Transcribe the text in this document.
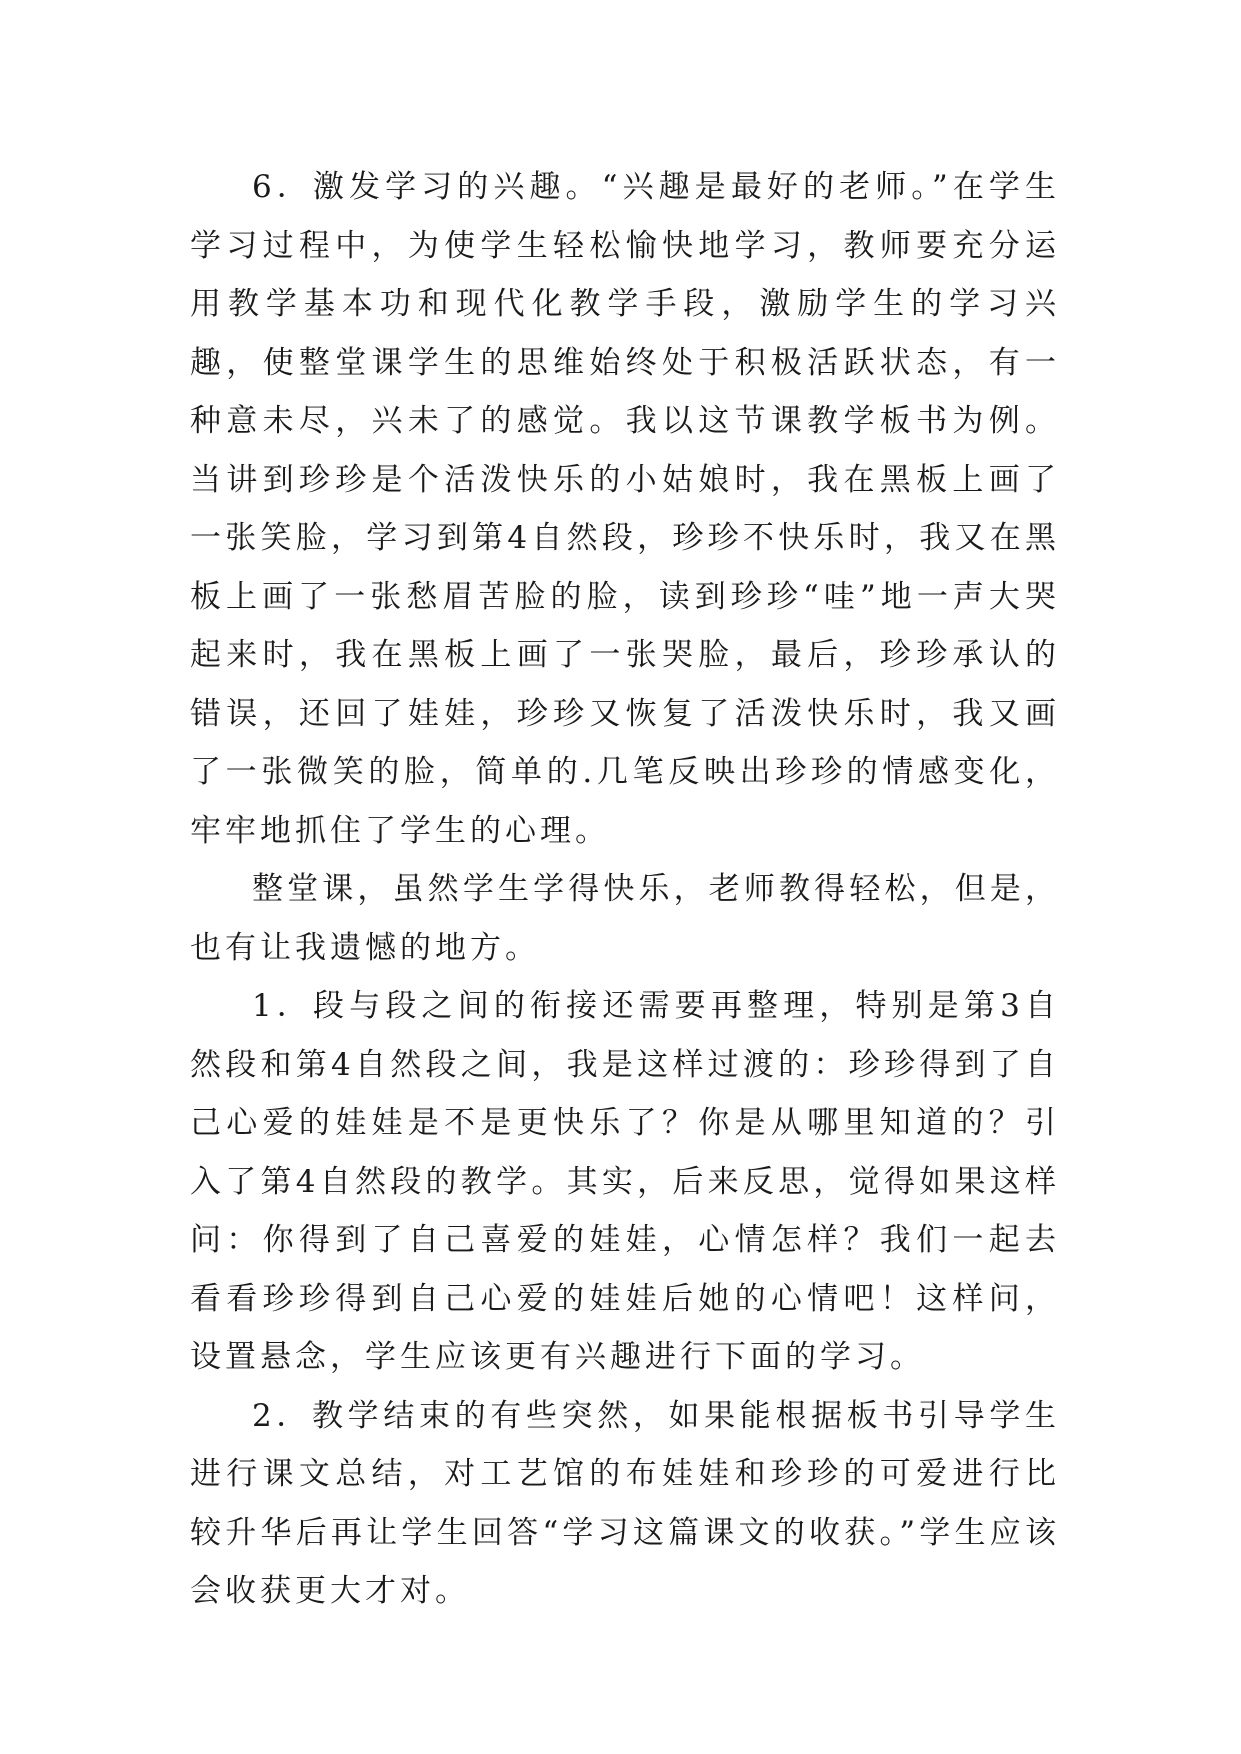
6．激发学习的兴趣。“兴趣是最好的老师。”在学生学习过程中，为使学生轻松愉快地学习，教师要充分运用教学基本功和现代化教学手段，激励学生的学习兴趣，使整堂课学生的思维始终处于积极活跃状态，有一种意未尽，兴未了的感觉。我以这节课教学板书为例。当讲到珍珍是个活泼快乐的小姑娘时，我在黑板上画了一张笑脸，学习到第4自然段，珍珍不快乐时，我又在黑板上画了一张愁眉苦脸的脸，读到珍珍“哇”地一声大哭起来时，我在黑板上画了一张哭脸，最后，珍珍承认的错误，还回了娃娃，珍珍又恢复了活泼快乐时，我又画了一张微笑的脸，简单的.几笔反映出珍珍的情感变化，牢牢地抓住了学生的心理。

整堂课，虽然学生学得快乐，老师教得轻松，但是，也有让我遗憾的地方。

1．段与段之间的衔接还需要再整理，特别是第3自然段和第4自然段之间，我是这样过渡的：珍珍得到了自己心爱的娃娃是不是更快乐了？你是从哪里知道的？引入了第4自然段的教学。其实，后来反思，觉得如果这样问：你得到了自己喜爱的娃娃，心情怎样？我们一起去看看珍珍得到自己心爱的娃娃后她的心情吧！这样问，设置悬念，学生应该更有兴趣进行下面的学习。

2．教学结束的有些突然，如果能根据板书引导学生进行课文总结，对工艺馆的布娃娃和珍珍的可爱进行比较升华后再让学生回答“学习这篇课文的收获。”学生应该会收获更大才对。
